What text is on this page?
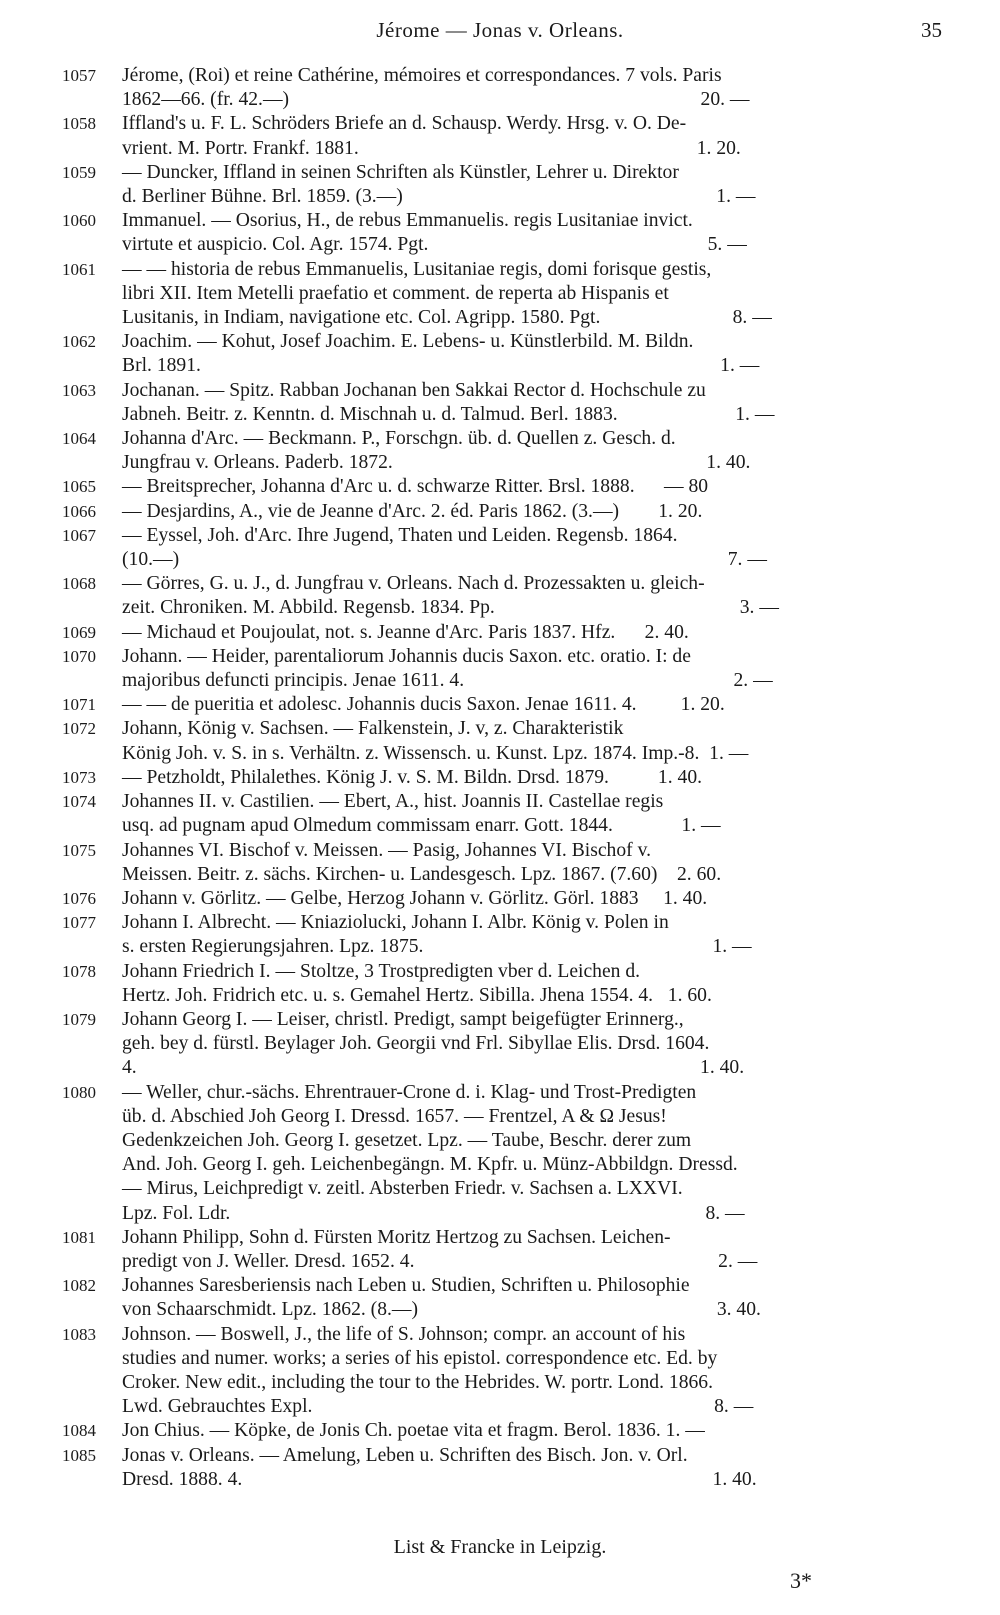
Jérome — Jonas v. Orleans.	35
1057	Jérome, (Roi) et reine Cathérine, mémoires et correspondances. 7 vols. Paris
1862—66. (fr. 42.—)                                                                                    20. —
1058	Iffland's u. F. L. Schröders Briefe an d. Schausp. Werdy. Hrsg. v. O. De-
vrient. M. Portr. Frankf. 1881.                                                                     1. 20.
1059	— Duncker, Iffland in seinen Schriften als Künstler, Lehrer u. Direktor
d. Berliner Bühne. Brl. 1859. (3.—)                                                                1. —
1060	Immanuel. — Osorius, H., de rebus Emmanuelis. regis Lusitaniae invict.
virtute et auspicio. Col. Agr. 1574. Pgt.                                                         5. —
1061	— — historia de rebus Emmanuelis, Lusitaniae regis, domi forisque gestis,
libri XII. Item Metelli praefatio et comment. de reperta ab Hispanis et
Lusitanis, in Indiam, navigatione etc. Col. Agripp. 1580. Pgt.                           8. —
1062	Joachim. — Kohut, Josef Joachim. E. Lebens- u. Künstlerbild. M. Bildn.
Brl. 1891.                                                                                                          1. —
1063	Jochanan. — Spitz. Rabban Jochanan ben Sakkai Rector d. Hochschule zu
Jabneh. Beitr. z. Kenntn. d. Mischnah u. d. Talmud. Berl. 1883.                        1. —
1064	Johanna d'Arc. — Beckmann. P., Forschgn. üb. d. Quellen z. Gesch. d.
Jungfrau v. Orleans. Paderb. 1872.                                                                1. 40.
1065	— Breitsprecher, Johanna d'Arc u. d. schwarze Ritter. Brsl. 1888.      — 80
1066	— Desjardins, A., vie de Jeanne d'Arc. 2. éd. Paris 1862. (3.—)        1. 20.
1067	— Eyssel, Joh. d'Arc. Ihre Jugend, Thaten und Leiden. Regensb. 1864.
(10.—)                                                                                                                7. —
1068	— Görres, G. u. J., d. Jungfrau v. Orleans. Nach d. Prozessakten u. gleich-
zeit. Chroniken. M. Abbild. Regensb. 1834. Pp.                                                  3. —
1069	— Michaud et Poujoulat, not. s. Jeanne d'Arc. Paris 1837. Hfz.      2. 40.
1070	Johann. — Heider, parentaliorum Johannis ducis Saxon. etc. oratio. I: de
majoribus defuncti principis. Jenae 1611. 4.                                                       2. —
1071	— — de pueritia et adolesc. Johannis ducis Saxon. Jenae 1611. 4.         1. 20.
1072	Johann, König v. Sachsen. — Falkenstein, J. v, z. Charakteristik
König Joh. v. S. in s. Verhältn. z. Wissensch. u. Kunst. Lpz. 1874. Imp.-8.  1. —
1073	— Petzholdt, Philalethes. König J. v. S. M. Bildn. Drsd. 1879.          1. 40.
1074	Johannes II. v. Castilien. — Ebert, A., hist. Joannis II. Castellae regis
usq. ad pugnam apud Olmedum commissam enarr. Gott. 1844.              1. —
1075	Johannes VI. Bischof v. Meissen. — Pasig, Johannes VI. Bischof v.
Meissen. Beitr. z. sächs. Kirchen- u. Landesgesch. Lpz. 1867. (7.60)    2. 60.
1076	Johann v. Görlitz. — Gelbe, Herzog Johann v. Görlitz. Görl. 1883     1. 40.
1077	Johann I. Albrecht. — Kniaziolucki, Johann I. Albr. König v. Polen in
s. ersten Regierungsjahren. Lpz. 1875.                                                           1. —
1078	Johann Friedrich I. — Stoltze, 3 Trostpredigten vber d. Leichen d.
Hertz. Joh. Fridrich etc. u. s. Gemahel Hertz. Sibilla. Jhena 1554. 4.   1. 60.
1079	Johann Georg I. — Leiser, christl. Predigt, sampt beigefügter Erinnerg.,
geh. bey d. fürstl. Beylager Joh. Georgii vnd Frl. Sibyllae Elis. Drsd. 1604.
4.                                                                                                                   1. 40.
1080	— Weller, chur.-sächs. Ehrentrauer-Crone d. i. Klag- und Trost-Predigten
üb. d. Abschied Joh Georg I. Dressd. 1657. — Frentzel, A & Ω Jesus!
Gedenkzeichen Joh. Georg I. gesetzet. Lpz. — Taube, Beschr. derer zum
And. Joh. Georg I. geh. Leichenbegängn. M. Kpfr. u. Münz-Abbildgn. Dressd.
— Mirus, Leichpredigt v. zeitl. Absterben Friedr. v. Sachsen a. LXXVI.
Lpz. Fol. Ldr.                                                                                                 8. —
1081	Johann Philipp, Sohn d. Fürsten Moritz Hertzog zu Sachsen. Leichen-
predigt von J. Weller. Dresd. 1652. 4.                                                              2. —
1082	Johannes Saresberiensis nach Leben u. Studien, Schriften u. Philosophie
von Schaarschmidt. Lpz. 1862. (8.—)                                                             3. 40.
1083	Johnson. — Boswell, J., the life of S. Johnson; compr. an account of his
studies and numer. works; a series of his epistol. correspondence etc. Ed. by
Croker. New edit., including the tour to the Hebrides. W. portr. Lond. 1866.
Lwd. Gebrauchtes Expl.                                                                                  8. —
1084	Jon Chius. — Köpke, de Jonis Ch. poetae vita et fragm. Berol. 1836. 1. —
1085	Jonas v. Orleans. — Amelung, Leben u. Schriften des Bisch. Jon. v. Orl.
Dresd. 1888. 4.                                                                                                1. 40.
List & Francke in Leipzig.
3*
